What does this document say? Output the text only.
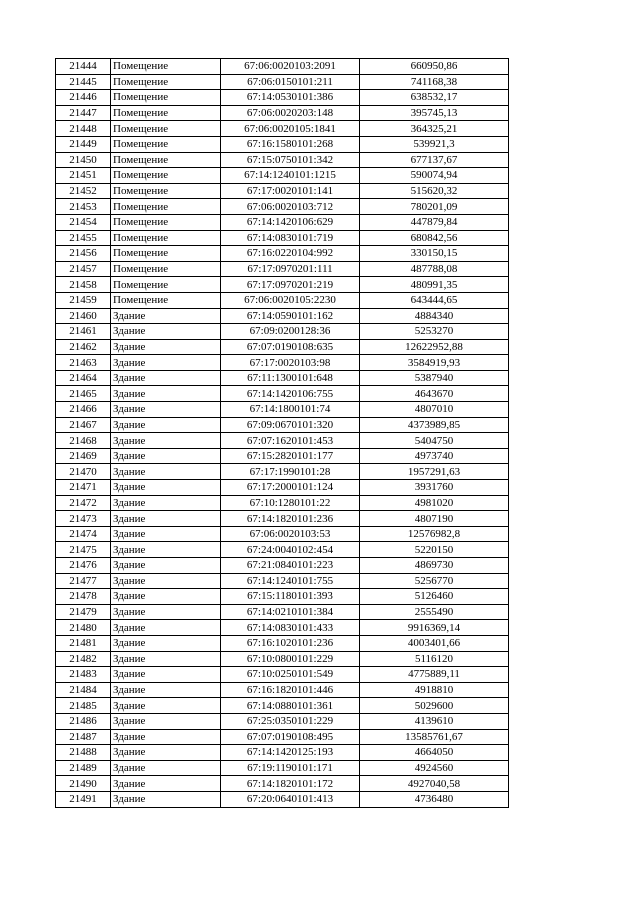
21444	Помещение	67:06:0020103:2091	660950,86
21445	Помещение	67:06:0150101:211	741168,38
21446	Помещение	67:14:0530101:386	638532,17
21447	Помещение	67:06:0020203:148	395745,13
21448	Помещение	67:06:0020105:1841	364325,21
21449	Помещение	67:16:1580101:268	539921,3
21450	Помещение	67:15:0750101:342	677137,67
21451	Помещение	67:14:1240101:1215	590074,94
21452	Помещение	67:17:0020101:141	515620,32
21453	Помещение	67:06:0020103:712	780201,09
21454	Помещение	67:14:1420106:629	447879,84
21455	Помещение	67:14:0830101:719	680842,56
21456	Помещение	67:16:0220104:992	330150,15
21457	Помещение	67:17:0970201:111	487788,08
21458	Помещение	67:17:0970201:219	480991,35
21459	Помещение	67:06:0020105:2230	643444,65
21460	Здание	67:14:0590101:162	4884340
21461	Здание	67:09:0200128:36	5253270
21462	Здание	67:07:0190108:635	12622952,88
21463	Здание	67:17:0020103:98	3584919,93
21464	Здание	67:11:1300101:648	5387940
21465	Здание	67:14:1420106:755	4643670
21466	Здание	67:14:1800101:74	4807010
21467	Здание	67:09:0670101:320	4373989,85
21468	Здание	67:07:1620101:453	5404750
21469	Здание	67:15:2820101:177	4973740
21470	Здание	67:17:1990101:28	1957291,63
21471	Здание	67:17:2000101:124	3931760
21472	Здание	67:10:1280101:22	4981020
21473	Здание	67:14:1820101:236	4807190
21474	Здание	67:06:0020103:53	12576982,8
21475	Здание	67:24:0040102:454	5220150
21476	Здание	67:21:0840101:223	4869730
21477	Здание	67:14:1240101:755	5256770
21478	Здание	67:15:1180101:393	5126460
21479	Здание	67:14:0210101:384	2555490
21480	Здание	67:14:0830101:433	9916369,14
21481	Здание	67:16:1020101:236	4003401,66
21482	Здание	67:10:0800101:229	5116120
21483	Здание	67:10:0250101:549	4775889,11
21484	Здание	67:16:1820101:446	4918810
21485	Здание	67:14:0880101:361	5029600
21486	Здание	67:25:0350101:229	4139610
21487	Здание	67:07:0190108:495	13585761,67
21488	Здание	67:14:1420125:193	4664050
21489	Здание	67:19:1190101:171	4924560
21490	Здание	67:14:1820101:172	4927040,58
21491	Здание	67:20:0640101:413	4736480
